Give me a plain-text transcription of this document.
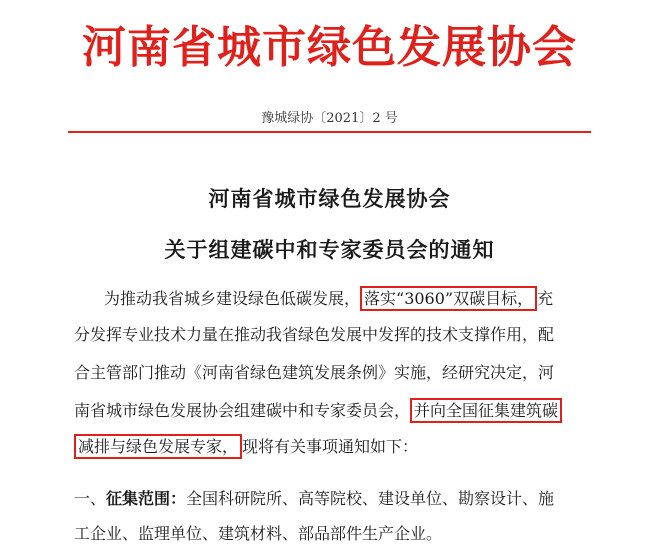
河南省城市绿色发展协会
豫城绿协〔2021〕2 号
河南省城市绿色发展协会
关于组建碳中和专家委员会的通知
为推动我省城乡建设绿色低碳发展， 落实“3060”双碳目标， 充
分发挥专业技术力量在推动我省绿色发展中发挥的技术支撑作用，配
合主管部门推动《河南省绿色建筑发展条例》实施，经研究决定，河
南省城市绿色发展协会组建碳中和专家委员会， 并向全国征集建筑碳
减排与绿色发展专家， 现将有关事项通知如下：
一、征集范围：全国科研院所、高等院校、建设单位、勘察设计、施
工企业、监理单位、建筑材料、部品部件生产企业。
